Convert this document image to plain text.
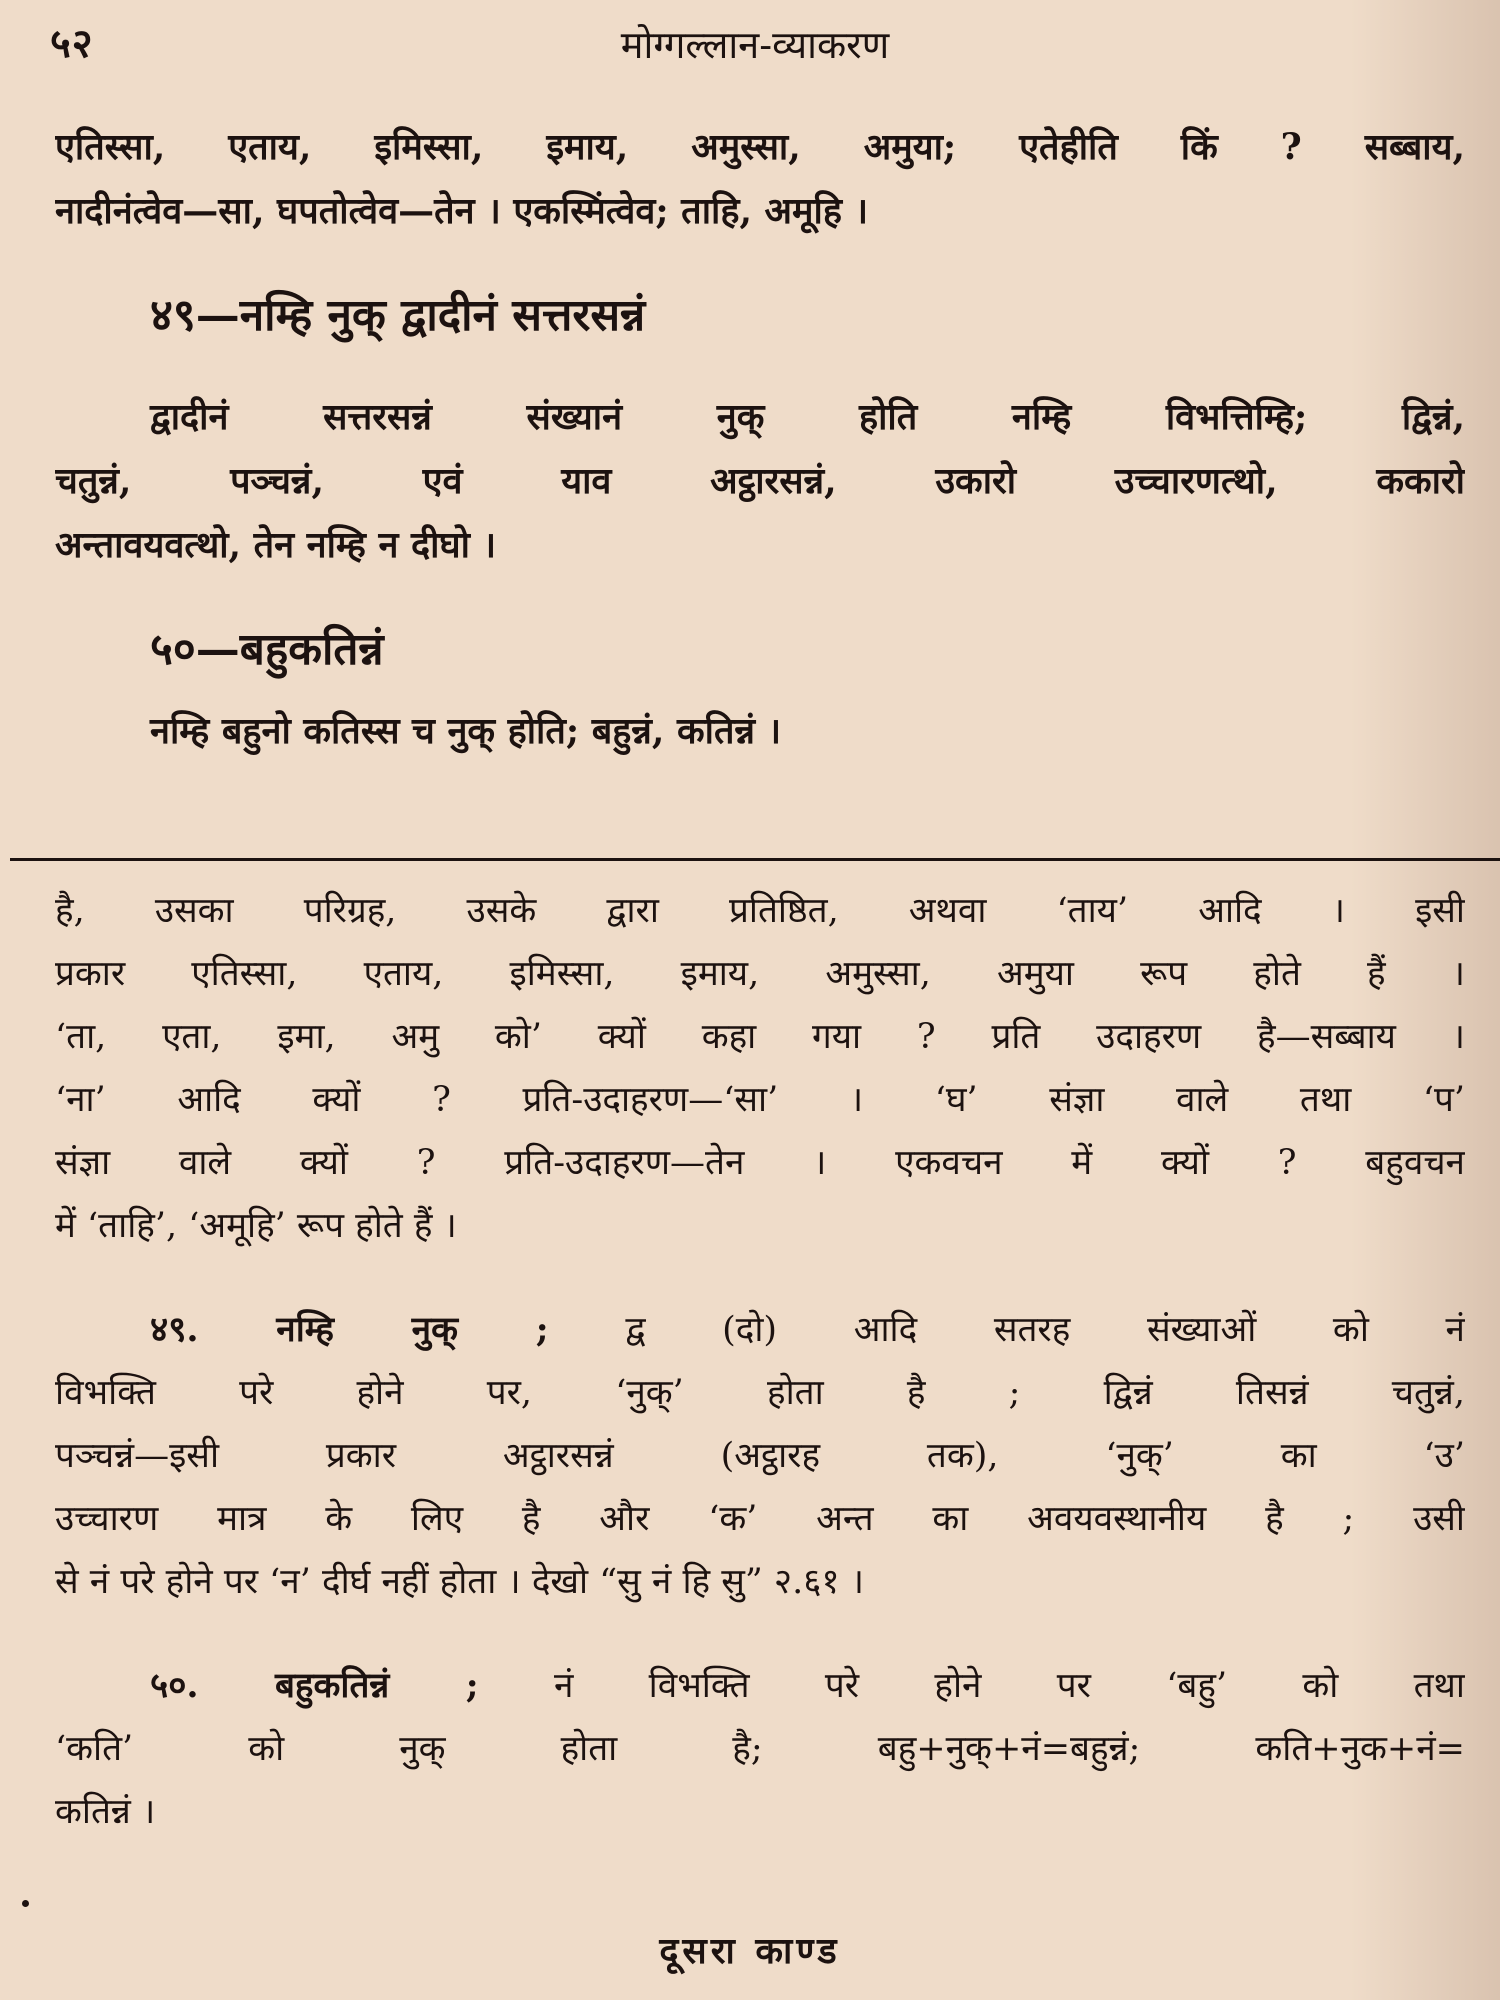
५२	मोग्गल्लान-व्याकरण
एतिस्सा, एताय, इमिस्सा, इमाय, अमुस्सा, अमुया; एतेहीति किं ? सब्बाय,
नादीनंत्वेव—सा, घपतोत्वेव—तेन । एकस्मिंत्वेव; ताहि, अमूहि ।
४९—नम्हि नुक् द्वादीनं सत्तरसन्नं
द्वादीनं सत्तरसन्नं संख्यानं नुक् होति नम्हि विभत्तिम्हि; द्विन्नं,
चतुन्नं, पञ्चन्नं, एवं याव अट्ठारसन्नं, उकारो उच्चारणत्थो, ककारो
अन्तावयवत्थो, तेन नम्हि न दीघो ।
५०—बहुकतिन्नं
नम्हि बहुनो कतिस्स च नुक् होति; बहुन्नं, कतिन्नं ।
है, उसका परिग्रह, उसके द्वारा प्रतिष्ठित, अथवा ‘ताय’ आदि । इसी
प्रकार एतिस्सा, एताय, इमिस्सा, इमाय, अमुस्सा, अमुया रूप होते हैं ।
‘ता, एता, इमा, अमु को’ क्यों कहा गया ? प्रति उदाहरण है—सब्बाय ।
‘ना’ आदि क्यों ? प्रति-उदाहरण—‘सा’ । ‘घ’ संज्ञा वाले तथा ‘प’
संज्ञा वाले क्यों ? प्रति-उदाहरण—तेन । एकवचन में क्यों ? बहुवचन
में ‘ताहि’, ‘अमूहि’ रूप होते हैं ।
४९. नम्हि नुक् ; द्व (दो) आदि सतरह संख्याओं को नं
विभक्ति परे होने पर, ‘नुक्’ होता है ; द्विन्नं तिसन्नं चतुन्नं,
पञ्चन्नं—इसी प्रकार अट्ठारसन्नं (अट्ठारह तक), ‘नुक्’ का ‘उ’
उच्चारण मात्र के लिए है और ‘क’ अन्त का अवयवस्थानीय है ; उसी
से नं परे होने पर ‘न’ दीर्घ नहीं होता । देखो “सु नं हि सु” २.६१ ।
५०. बहुकतिन्नं ; नं विभक्ति परे होने पर ‘बहु’ को तथा
‘कति’ को नुक् होता है; बहु+नुक्+नं=बहुन्नं; कति+नुक+नं=
कतिन्नं ।
दूसरा काण्ड
